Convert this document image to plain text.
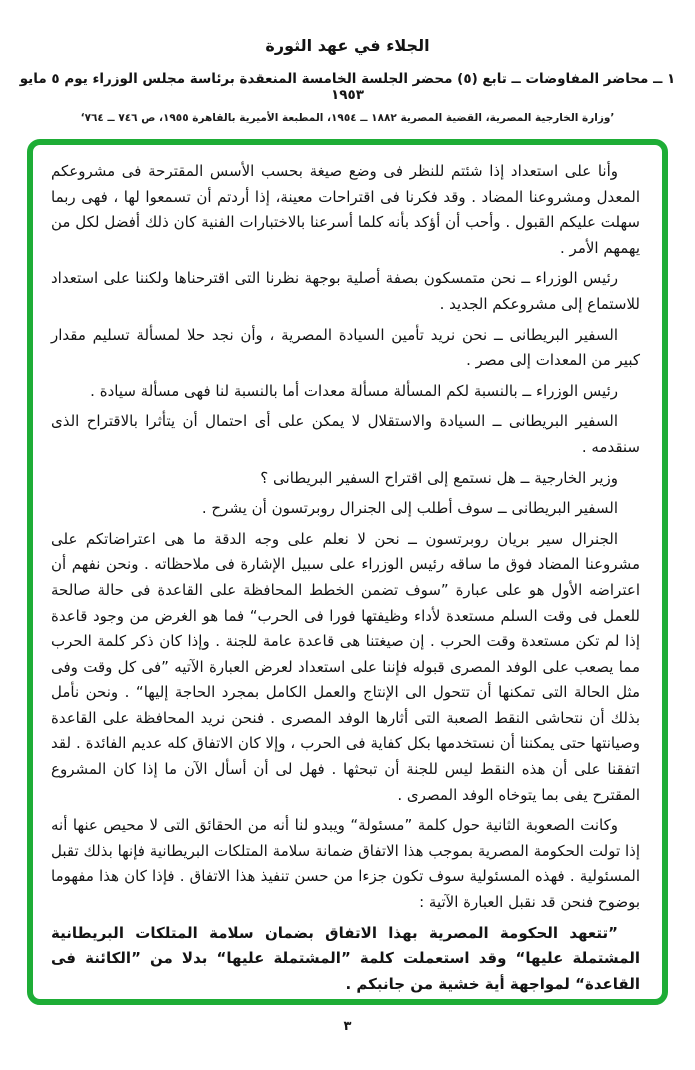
الجلاء في عهد الثورة
١ ــ محاضر المفاوضات ــ تابع (٥) محضر الجلسة الخامسة المنعقدة برئاسة مجلس الوزراء يوم ٥ مايو ١٩٥٣
’وزارة الخارجية المصرية، القضية المصرية ١٨٨٢ ــ ١٩٥٤، المطبعة الأميرية بالقاهرة ١٩٥٥، ص ٧٤٦ ــ ٧٦٤‘

وأنا على استعداد إذا شئتم للنظر فى وضع صيغة بحسب الأسس المقترحة فى مشروعكم المعدل ومشروعنا المضاد . وقد فكرنا فى اقتراحات معينة، إذا أردتم أن تسمعوا لها ، فهى ربما سهلت عليكم القبول . وأحب أن أؤكد بأنه كلما أسرعنا بالاختبارات الفنية كان ذلك أفضل لكل من يهمهم الأمر .

رئيس الوزراء ــ نحن متمسكون بصفة أصلية بوجهة نظرنا التى اقترحناها ولكننا على استعداد للاستماع إلى مشروعكم الجديد .

السفير البريطانى ــ نحن نريد تأمين السيادة المصرية ، وأن نجد حلا لمسألة تسليم مقدار كبير من المعدات إلى مصر .

رئيس الوزراء ــ بالنسبة لكم المسألة مسألة معدات أما بالنسبة لنا فهى مسألة سيادة .

السفير البريطانى ــ السيادة والاستقلال لا يمكن على أى احتمال أن يتأثرا بالاقتراح الذى سنقدمه .

وزير الخارجية ــ هل نستمع إلى اقتراح السفير البريطانى ؟

السفير البريطانى ــ سوف أطلب إلى الجنرال روبرتسون أن يشرح .

الجنرال سير بريان روبرتسون ــ نحن لا نعلم على وجه الدقة ما هى اعتراضاتكم على مشروعنا المضاد فوق ما ساقه رئيس الوزراء على سبيل الإشارة فى ملاحظاته . ونحن نفهم أن اعتراضه الأول هو على عبارة ”سوف تضمن الخطط المحافظة على القاعدة فى حالة صالحة للعمل فى وقت السلم مستعدة لأداء وظيفتها فورا فى الحرب“ فما هو الغرض من وجود قاعدة إذا لم تكن مستعدة وقت الحرب . إن صيغتنا هى قاعدة عامة للجنة . وإذا كان ذكر كلمة الحرب مما يصعب على الوفد المصرى قبوله فإننا على استعداد لعرض العبارة الآتيه ”فى كل وقت وفى مثل الحالة التى تمكنها أن تتحول الى الإنتاج والعمل الكامل بمجرد الحاجة إليها“ . ونحن نأمل بذلك أن نتحاشى النقط الصعبة التى أثارها الوفد المصرى . فنحن نريد المحافظة على القاعدة وصيانتها حتى يمكننا أن نستخدمها بكل كفاية فى الحرب ، وإلا كان الاتفاق كله عديم الفائدة . لقد اتفقنا على أن هذه النقط ليس للجنة أن تبحثها . فهل لى أن أسأل الآن ما إذا كان المشروع المقترح يفى بما يتوخاه الوفد المصرى .

وكانت الصعوبة الثانية حول كلمة ”مسئولة“ ويبدو لنا أنه من الحقائق التى لا محيص عنها أنه إذا تولت الحكومة المصرية بموجب هذا الاتفاق ضمانة سلامة المتلكات البريطانية فإنها بذلك تقبل المسئولية . فهذه المسئولية سوف تكون جزءا من حسن تنفيذ هذا الاتفاق . فإذا كان هذا مفهوما بوضوح فنحن قد نقبل العبارة الآتية :

”تتعهد الحكومة المصرية بهذا الاتفاق بضمان سلامة المتلكات البريطانية المشتملة عليها“ وقد استعملت كلمة ”المشتملة عليها“ بدلا من ”الكائنة فى القاعدة“ لمواجهة أية خشية من جانبكم .

٣
